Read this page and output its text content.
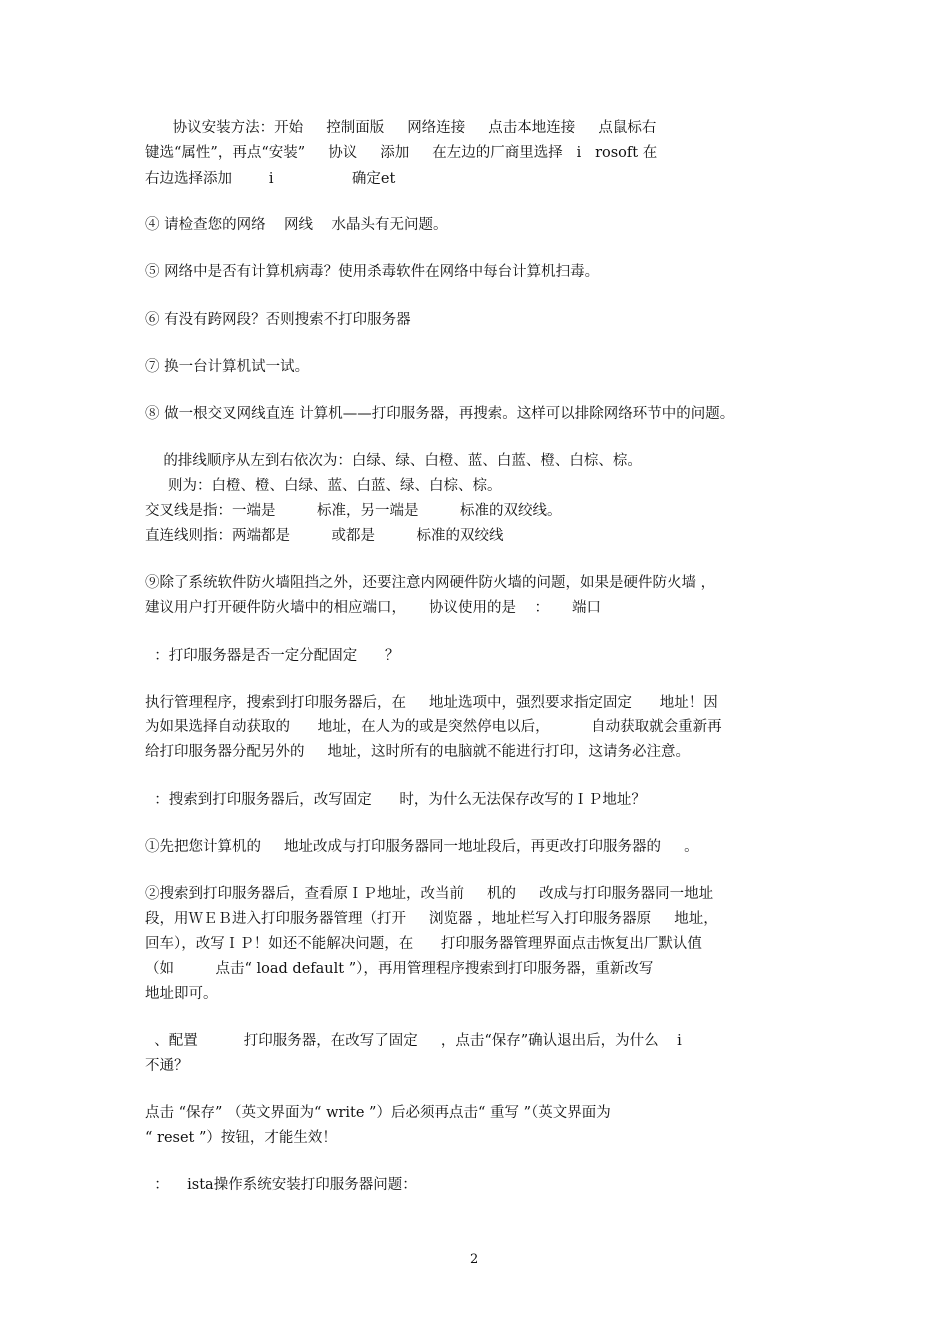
协议安装方法：开始     控制面版     网络连接     点击本地连接     点鼠标右
键选“属性”，再点“安装”     协议     添加     在左边的厂商里选择   i   rosoft 在
右边选择添加        i                 确定et
④ 请检查您的网络    网线    水晶头有无问题。
⑤ 网络中是否有计算机病毒？使用杀毒软件在网络中每台计算机扫毒。
⑥ 有没有跨网段？否则搜索不打印服务器
⑦ 换一台计算机试一试。
⑧ 做一根交叉网线直连 计算机——打印服务器，再搜索。这样可以排除网络环节中的问题。
的排线顺序从左到右依次为：白绿、绿、白橙、蓝、白蓝、橙、白棕、棕。
则为：白橙、橙、白绿、蓝、白蓝、绿、白棕、棕。
交叉线是指：一端是         标准，另一端是         标准的双绞线。
直连线则指：两端都是         或都是         标准的双绞线
⑨除了系统软件防火墙阻挡之外，还要注意内网硬件防火墙的问题，如果是硬件防火墙 ，
建议用户打开硬件防火墙中的相应端口，     协议使用的是    ：     端口
：打印服务器是否一定分配固定      ？
执行管理程序，搜索到打印服务器后，在     地址选项中，强烈要求指定固定      地址！因
为如果选择自动获取的      地址，在人为的或是突然停电以后，         自动获取就会重新再
给打印服务器分配另外的     地址，这时所有的电脑就不能进行打印，这请务必注意。
：搜索到打印服务器后，改写固定      时，为什么无法保存改写的ＩＰ地址？
①先把您计算机的     地址改成与打印服务器同一地址段后，再更改打印服务器的     。
②搜索到打印服务器后，查看原ＩＰ地址，改当前     机的     改成与打印服务器同一地址
段，用ＷＥＢ进入打印服务器管理（打开     浏览器 ，地址栏写入打印服务器原     地址，
回车），改写ＩＰ！如还不能解决问题，在      打印服务器管理界面点击恢复出厂默认值
（如         点击“ load default ”），再用管理程序搜索到打印服务器，重新改写
地址即可。
、配置          打印服务器，在改写了固定     ，点击“保存”确认退出后，为什么    i
不通？
点击 “保存” （英文界面为“ write ”）后必须再点击“ 重写 ”（英文界面为
“ reset ”）按钮，才能生效！
：    ista操作系统安装打印服务器问题：
2
